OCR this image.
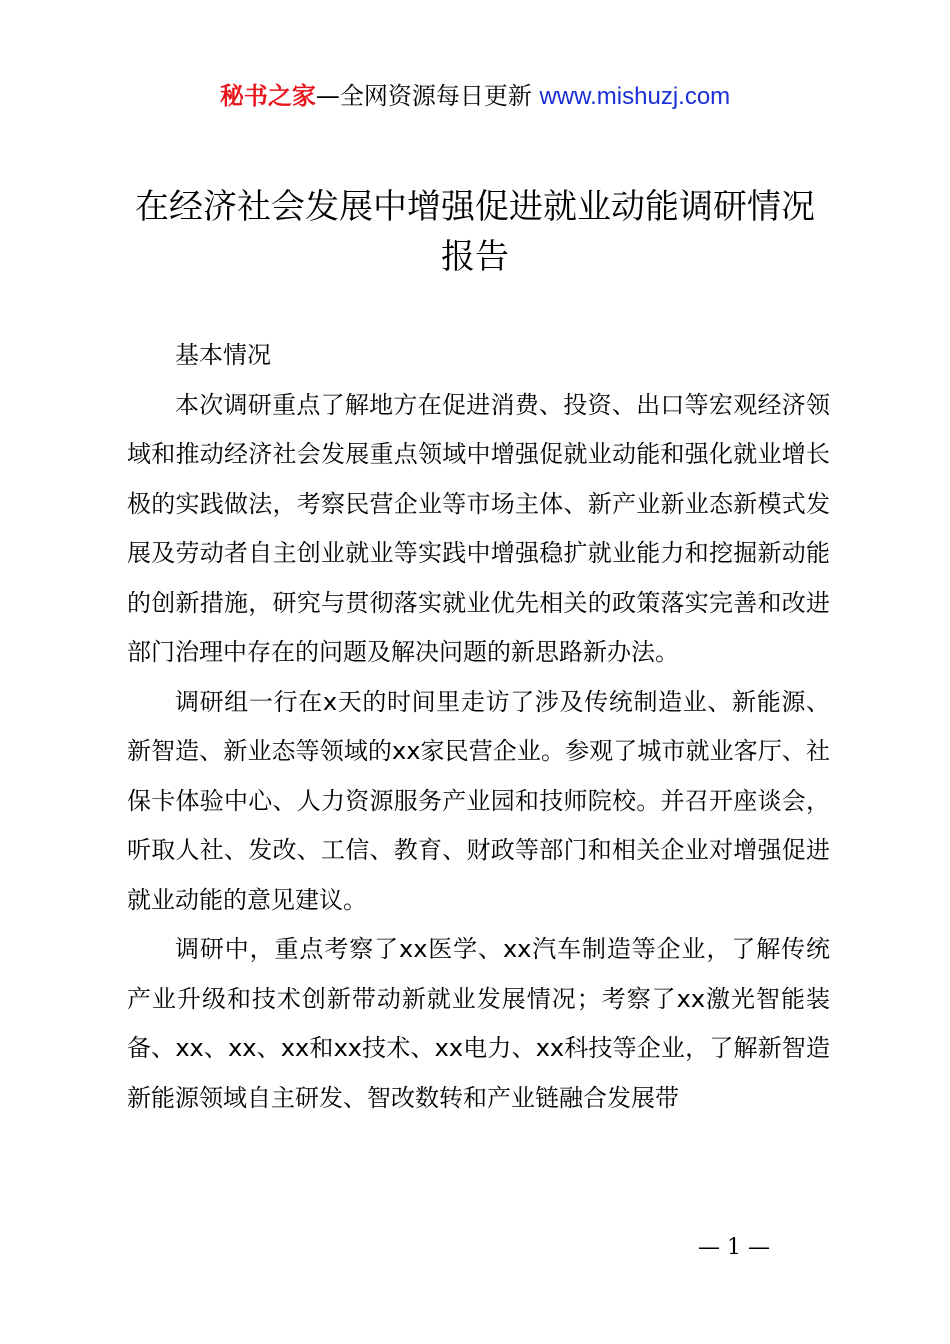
秘书之家—全网资源每日更新 www.mishuzj.com
在经济社会发展中增强促进就业动能调研情况报告
基本情况

本次调研重点了解地方在促进消费、投资、出口等宏观经济领域和推动经济社会发展重点领域中增强促就业动能和强化就业增长极的实践做法，考察民营企业等市场主体、新产业新业态新模式发展及劳动者自主创业就业等实践中增强稳扩就业能力和挖掘新动能的创新措施，研究与贯彻落实就业优先相关的政策落实完善和改进部门治理中存在的问题及解决问题的新思路新办法。

调研组一行在x天的时间里走访了涉及传统制造业、新能源、新智造、新业态等领域的xx家民营企业。参观了城市就业客厅、社保卡体验中心、人力资源服务产业园和技师院校。并召开座谈会，听取人社、发改、工信、教育、财政等部门和相关企业对增强促进就业动能的意见建议。

调研中，重点考察了xx医学、xx汽车制造等企业，了解传统产业升级和技术创新带动新就业发展情况；考察了xx激光智能装备、xx、xx、xx和xx技术、xx电力、xx科技等企业，了解新智造新能源领域自主研发、智改数转和产业链融合发展带

— 1 —
